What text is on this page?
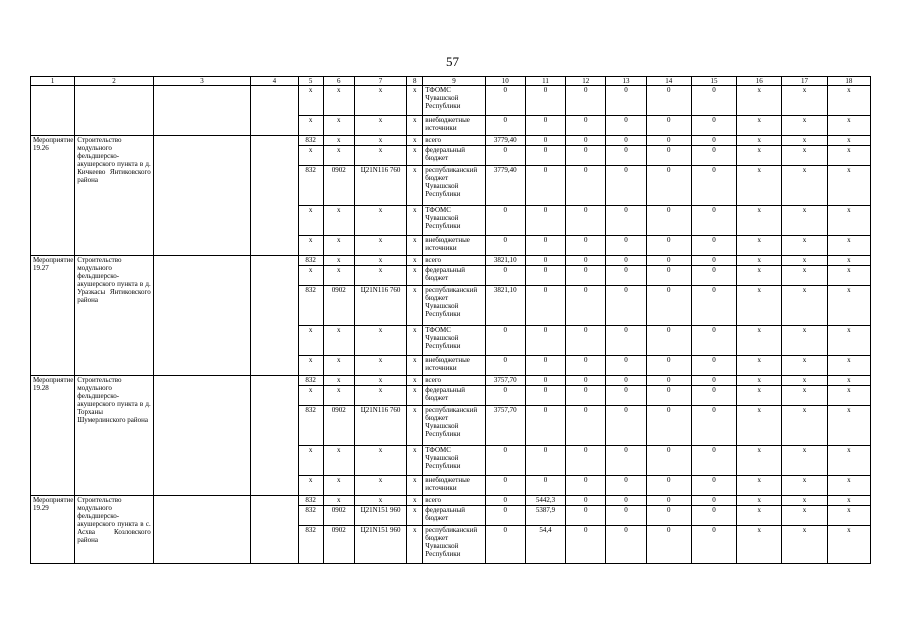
57
1	2	3	4	5	6	7	8	9	10	11	12	13	14	15	16	17	18
				x	x	x	x	ТФОМС Чувашской Республики	0	0	0	0	0	0	x	x	x
				x	x	x	x	внебюджетные источники	0	0	0	0	0	0	x	x	x
Мероприятие 19.26	Строительство модульного фельдшерско-акушерского пункта в д. Кичкеево Янтиковского района			832	x	x	x	всего	3779,40	0	0	0	0	0	x	x	x
				x	x	x	x	федеральный бюджет	0	0	0	0	0	0	x	x	x
				832	0902	Ц21N116 760	x	республиканский бюджет Чувашской Республики	3779,40	0	0	0	0	0	x	x	x
				x	x	x	x	ТФОМС Чувашской Республики	0	0	0	0	0	0	x	x	x
				x	x	x	x	внебюджетные источники	0	0	0	0	0	0	x	x	x
Мероприятие 19.27	Строительство модульного фельдшерско-акушерского пункта в д. Уразкасы Янтиковского района			832	x	x	x	всего	3821,10	0	0	0	0	0	x	x	x
				x	x	x	x	федеральный бюджет	0	0	0	0	0	0	x	x	x
				832	0902	Ц21N116 760	x	республиканский бюджет Чувашской Республики	3821,10	0	0	0	0	0	x	x	x
				x	x	x	x	ТФОМС Чувашской Республики	0	0	0	0	0	0	x	x	x
				x	x	x	x	внебюджетные источники	0	0	0	0	0	0	x	x	x
Мероприятие 19.28	Строительство модульного фельдшерско-акушерского пункта в д. Торханы Шумерлинского района			832	x	x	x	всего	3757,70	0	0	0	0	0	x	x	x
				x	x	x	x	федеральный бюджет	0	0	0	0	0	0	x	x	x
				832	0902	Ц21N116 760	x	республиканский бюджет Чувашской Республики	3757,70	0	0	0	0	0	x	x	x
				x	x	x	x	ТФОМС Чувашской Республики	0	0	0	0	0	0	x	x	x
				x	x	x	x	внебюджетные источники	0	0	0	0	0	0	x	x	x
Мероприятие 19.29	Строительство модульного фельдшерско-акушерского пункта в с. Асхва Козловского района			832	x	x	x	всего	0	5442,3	0	0	0	0	x	x	x
				832	0902	Ц21N151 960	x	федеральный бюджет	0	5387,9	0	0	0	0	x	x	x
				832	0902	Ц21N151 960	x	республиканский бюджет Чувашской Республики	0	54,4	0	0	0	0	x	x	x
